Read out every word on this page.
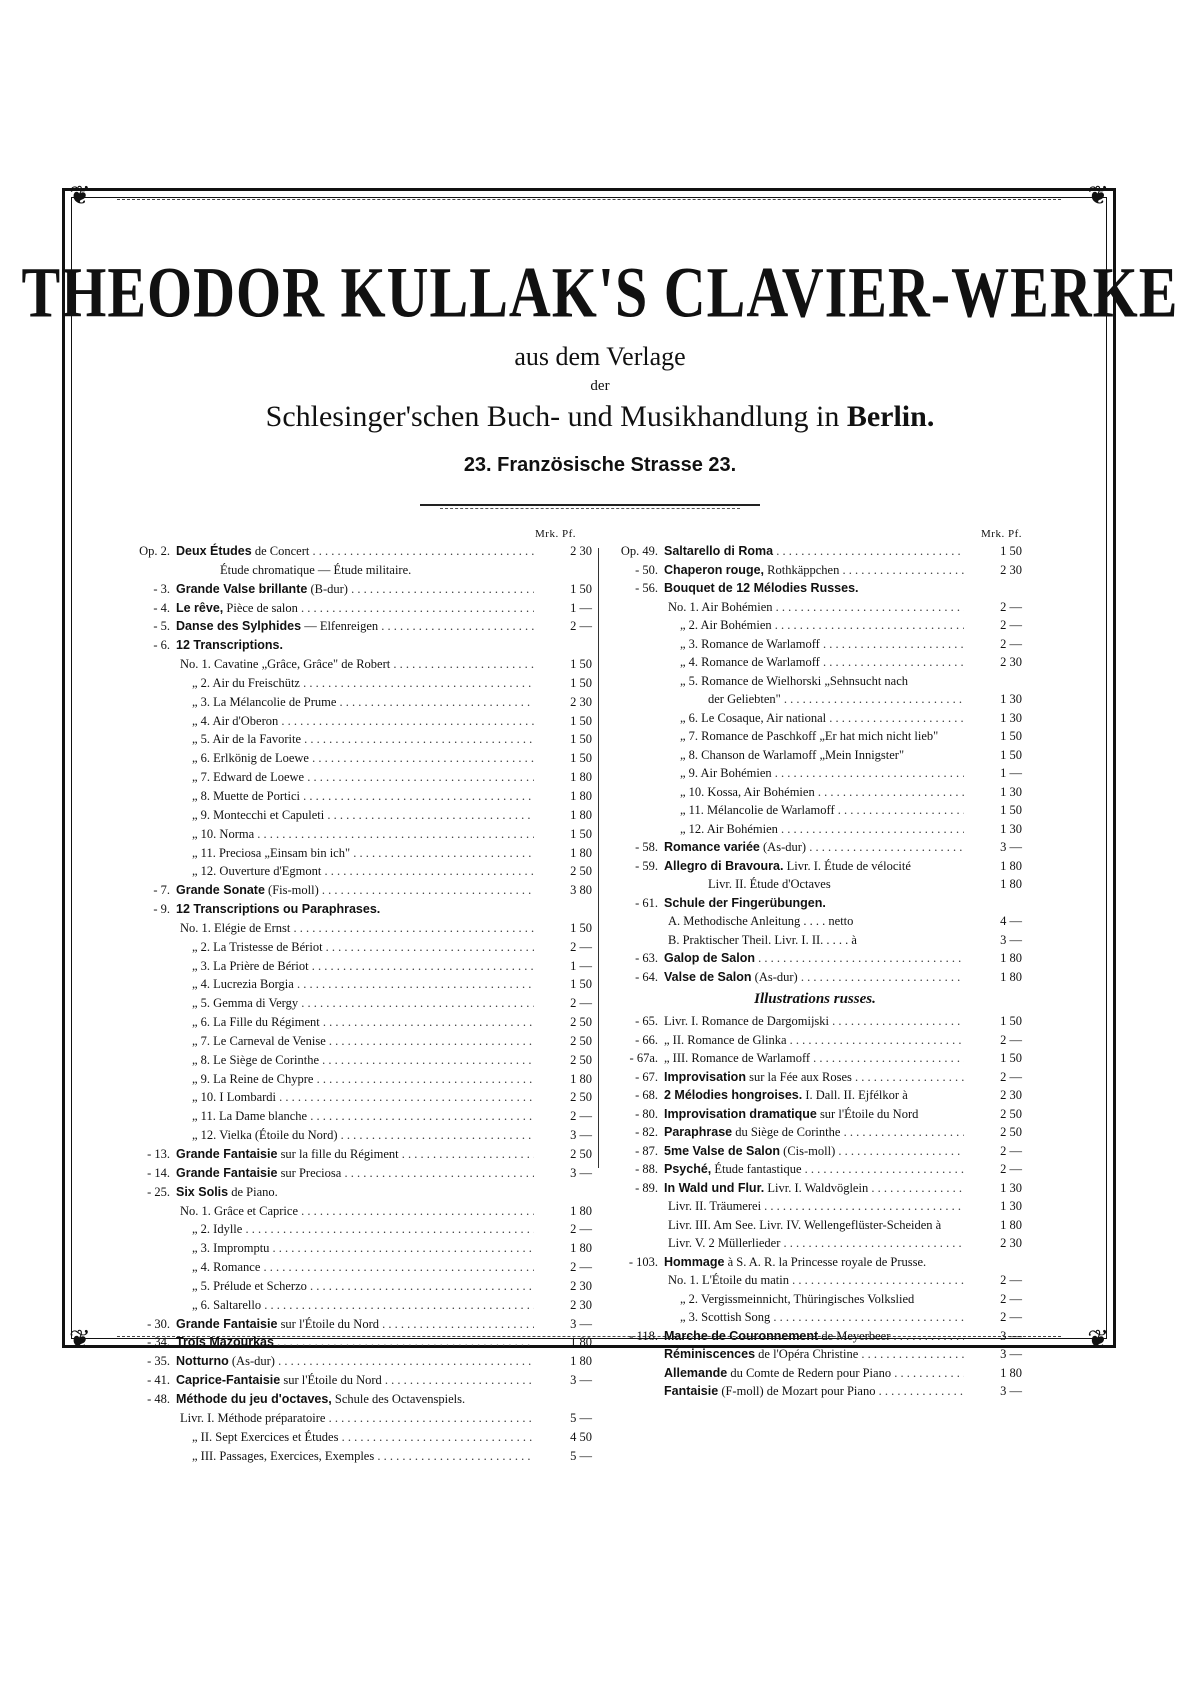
❦	❦
❦	❦
THEODOR KULLAK'S CLAVIER-WERKE
aus dem Verlage
der
Schlesinger'schen Buch- und Musikhandlung in Berlin.
23. Französische Strasse 23.
Mrk. Pf.
Op. 2. Deux Études de Concert . . .	2 30
Étude chromatique — Étude militaire.
- 3. Grande Valse brillante (B-dur) . . .	1 50
- 4. Le rêve, Pièce de salon . . .	1 —
- 5. Danse des Sylphides — Elfenreigen . . .	2 —
- 6. 12 Transcriptions.
No. 1. Cavatine „Grâce, Grâce" de Robert . . .	1 50
„ 2. Air du Freischütz . . .	1 50
„ 3. La Mélancolie de Prume . . .	2 30
„ 4. Air d'Oberon . . .	1 50
„ 5. Air de la Favorite . . .	1 50
„ 6. Erlkönig de Loewe . . .	1 50
„ 7. Edward de Loewe . . .	1 80
„ 8. Muette de Portici . . .	1 80
„ 9. Montecchi et Capuleti . . .	1 80
„ 10. Norma . . .	1 50
„ 11. Preciosa „Einsam bin ich" . . .	1 80
„ 12. Ouverture d'Egmont . . .	2 50
- 7. Grande Sonate (Fis-moll) . . .	3 80
- 9. 12 Transcriptions ou Paraphrases.
No. 1. Elégie de Ernst . . .	1 50
„ 2. La Tristesse de Bériot . . .	2 —
„ 3. La Prière de Bériot . . .	1 —
„ 4. Lucrezia Borgia . . .	1 50
„ 5. Gemma di Vergy . . .	2 —
„ 6. La Fille du Régiment . . .	2 50
„ 7. Le Carneval de Venise . . .	2 50
„ 8. Le Siège de Corinthe . . .	2 50
„ 9. La Reine de Chypre . . .	1 80
„ 10. I Lombardi . . .	2 50
„ 11. La Dame blanche . . .	2 —
„ 12. Vielka (Étoile du Nord) . . .	3 —
- 13. Grande Fantaisie sur la fille du Régiment . . .	2 50
- 14. Grande Fantaisie sur Preciosa . . .	3 —
- 25. Six Solis de Piano.
No. 1. Grâce et Caprice . . .	1 80
„ 2. Idylle . . .	2 —
„ 3. Impromptu . . .	1 80
„ 4. Romance . . .	2 —
„ 5. Prélude et Scherzo . . .	2 30
„ 6. Saltarello . . .	2 30
- 30. Grande Fantaisie sur l'Étoile du Nord . . .	3 —
- 34. Trois Mazourkas . . .	1 80
- 35. Notturno (As-dur) . . .	1 80
- 41. Caprice-Fantaisie sur l'Étoile du Nord . . .	3 —
- 48. Méthode du jeu d'octaves, Schule des Octavenspiels.
Livr. I. Méthode préparatoire . . .	5 —
„ II. Sept Exercices et Études . . .	4 50
„ III. Passages, Exercices, Exemples . . .	5 —
Mrk. Pf.
Op. 49. Saltarello di Roma . . .	1 50
- 50. Chaperon rouge, Rothkäppchen . . .	2 30
- 56. Bouquet de 12 Mélodies Russes.
No. 1. Air Bohémien . . .	2 —
„ 2. Air Bohémien . . .	2 —
„ 3. Romance de Warlamoff . . .	2 —
„ 4. Romance de Warlamoff . . .	2 30
„ 5. Romance de Wielhorski „Sehnsucht nach
der Geliebten" . . .	1 30
„ 6. Le Cosaque, Air national . . .	1 30
„ 7. Romance de Paschkoff „Er hat mich nicht lieb"	1 50
„ 8. Chanson de Warlamoff „Mein Innigster"	1 50
„ 9. Air Bohémien . . .	1 —
„ 10. Kossa, Air Bohémien . . .	1 30
„ 11. Mélancolie de Warlamoff . . .	1 50
„ 12. Air Bohémien . . .	1 30
- 58. Romance variée (As-dur) . . .	3 —
- 59. Allegro di Bravoura. Livr. I. Étude de vélocité	1 80
Livr. II. Étude d'Octaves	1 80
- 61. Schule der Fingerübungen.
A. Methodische Anleitung . . . . netto	4 —
B. Praktischer Theil. Livr. I. II. . . . . à	3 —
- 63. Galop de Salon . . .	1 80
- 64. Valse de Salon (As-dur) . . .	1 80
Illustrations russes.
- 65. Livr. I. Romance de Dargomijski . . .	1 50
- 66. „ II. Romance de Glinka . . .	2 —
- 67a. „ III. Romance de Warlamoff . . .	1 50
- 67. Improvisation sur la Fée aux Roses . . .	2 —
- 68. 2 Mélodies hongroises. I. Dall. II. Ejfélkor à	2 30
- 80. Improvisation dramatique sur l'Étoile du Nord	2 50
- 82. Paraphrase du Siège de Corinthe . . .	2 50
- 87. 5me Valse de Salon (Cis-moll) . . .	2 —
- 88. Psyché, Étude fantastique . . .	2 —
- 89. In Wald und Flur. Livr. I. Waldvöglein . . .	1 30
Livr. II. Träumerei . . .	1 30
Livr. III. Am See. Livr. IV. Wellengeflüster-Scheiden à	1 80
Livr. V. 2 Müllerlieder . . .	2 30
- 103. Hommage à S. A. R. la Princesse royale de Prusse.
No. 1. L'Étoile du matin . . .	2 —
„ 2. Vergissmeinnicht, Thüringisches Volkslied	2 —
„ 3. Scottish Song . . .	2 —
- 118. Marche de Couronnement de Meyerbeer . . .	3 —
Réminiscences de l'Opéra Christine . . .	3 —
Allemande du Comte de Redern pour Piano . . .	1 80
Fantaisie (F-moll) de Mozart pour Piano . . .	3 —
